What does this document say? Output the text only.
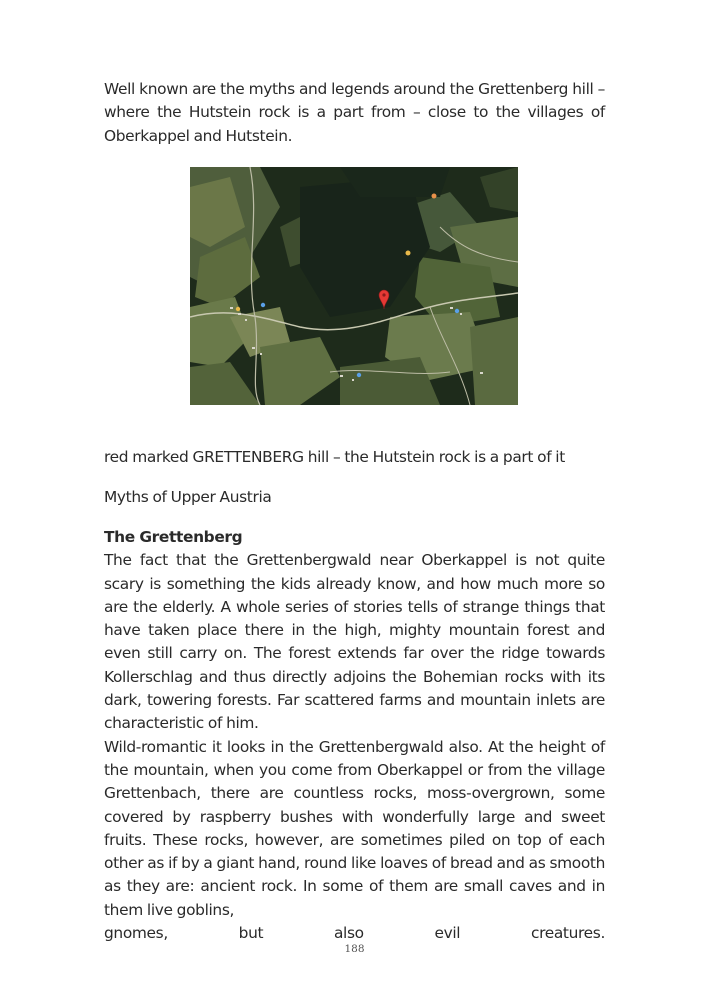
Well known are the myths and legends around the Grettenberg hill – where the Hutstein rock is a part from – close to the villages of Oberkappel and Hutstein.
red marked GRETTENBERG hill – the Hutstein rock is a part of it
Myths of Upper Austria

The Grettenberg

The fact that the Grettenbergwald near Oberkappel is not quite scary is something the kids already know, and how much more so are the elderly. A whole series of stories tells of strange things that have taken place there in the high, mighty mountain forest and even still carry on. The forest extends far over the ridge towards Kollerschlag and thus directly adjoins the Bohemian rocks with its dark, towering forests. Far scattered farms and mountain inlets are characteristic of him.

Wild-romantic it looks in the Grettenbergwald also. At the height of the mountain, when you come from Oberkappel or from the village Grettenbach, there are countless rocks, moss-overgrown, some covered by raspberry bushes with wonderfully large and sweet fruits. These rocks, however, are sometimes piled on top of each other as if by a giant hand, round like loaves of bread and as smooth as they are: ancient rock. In some of them are small caves and in them live goblins,

gnomes, but also evil creatures.

188
